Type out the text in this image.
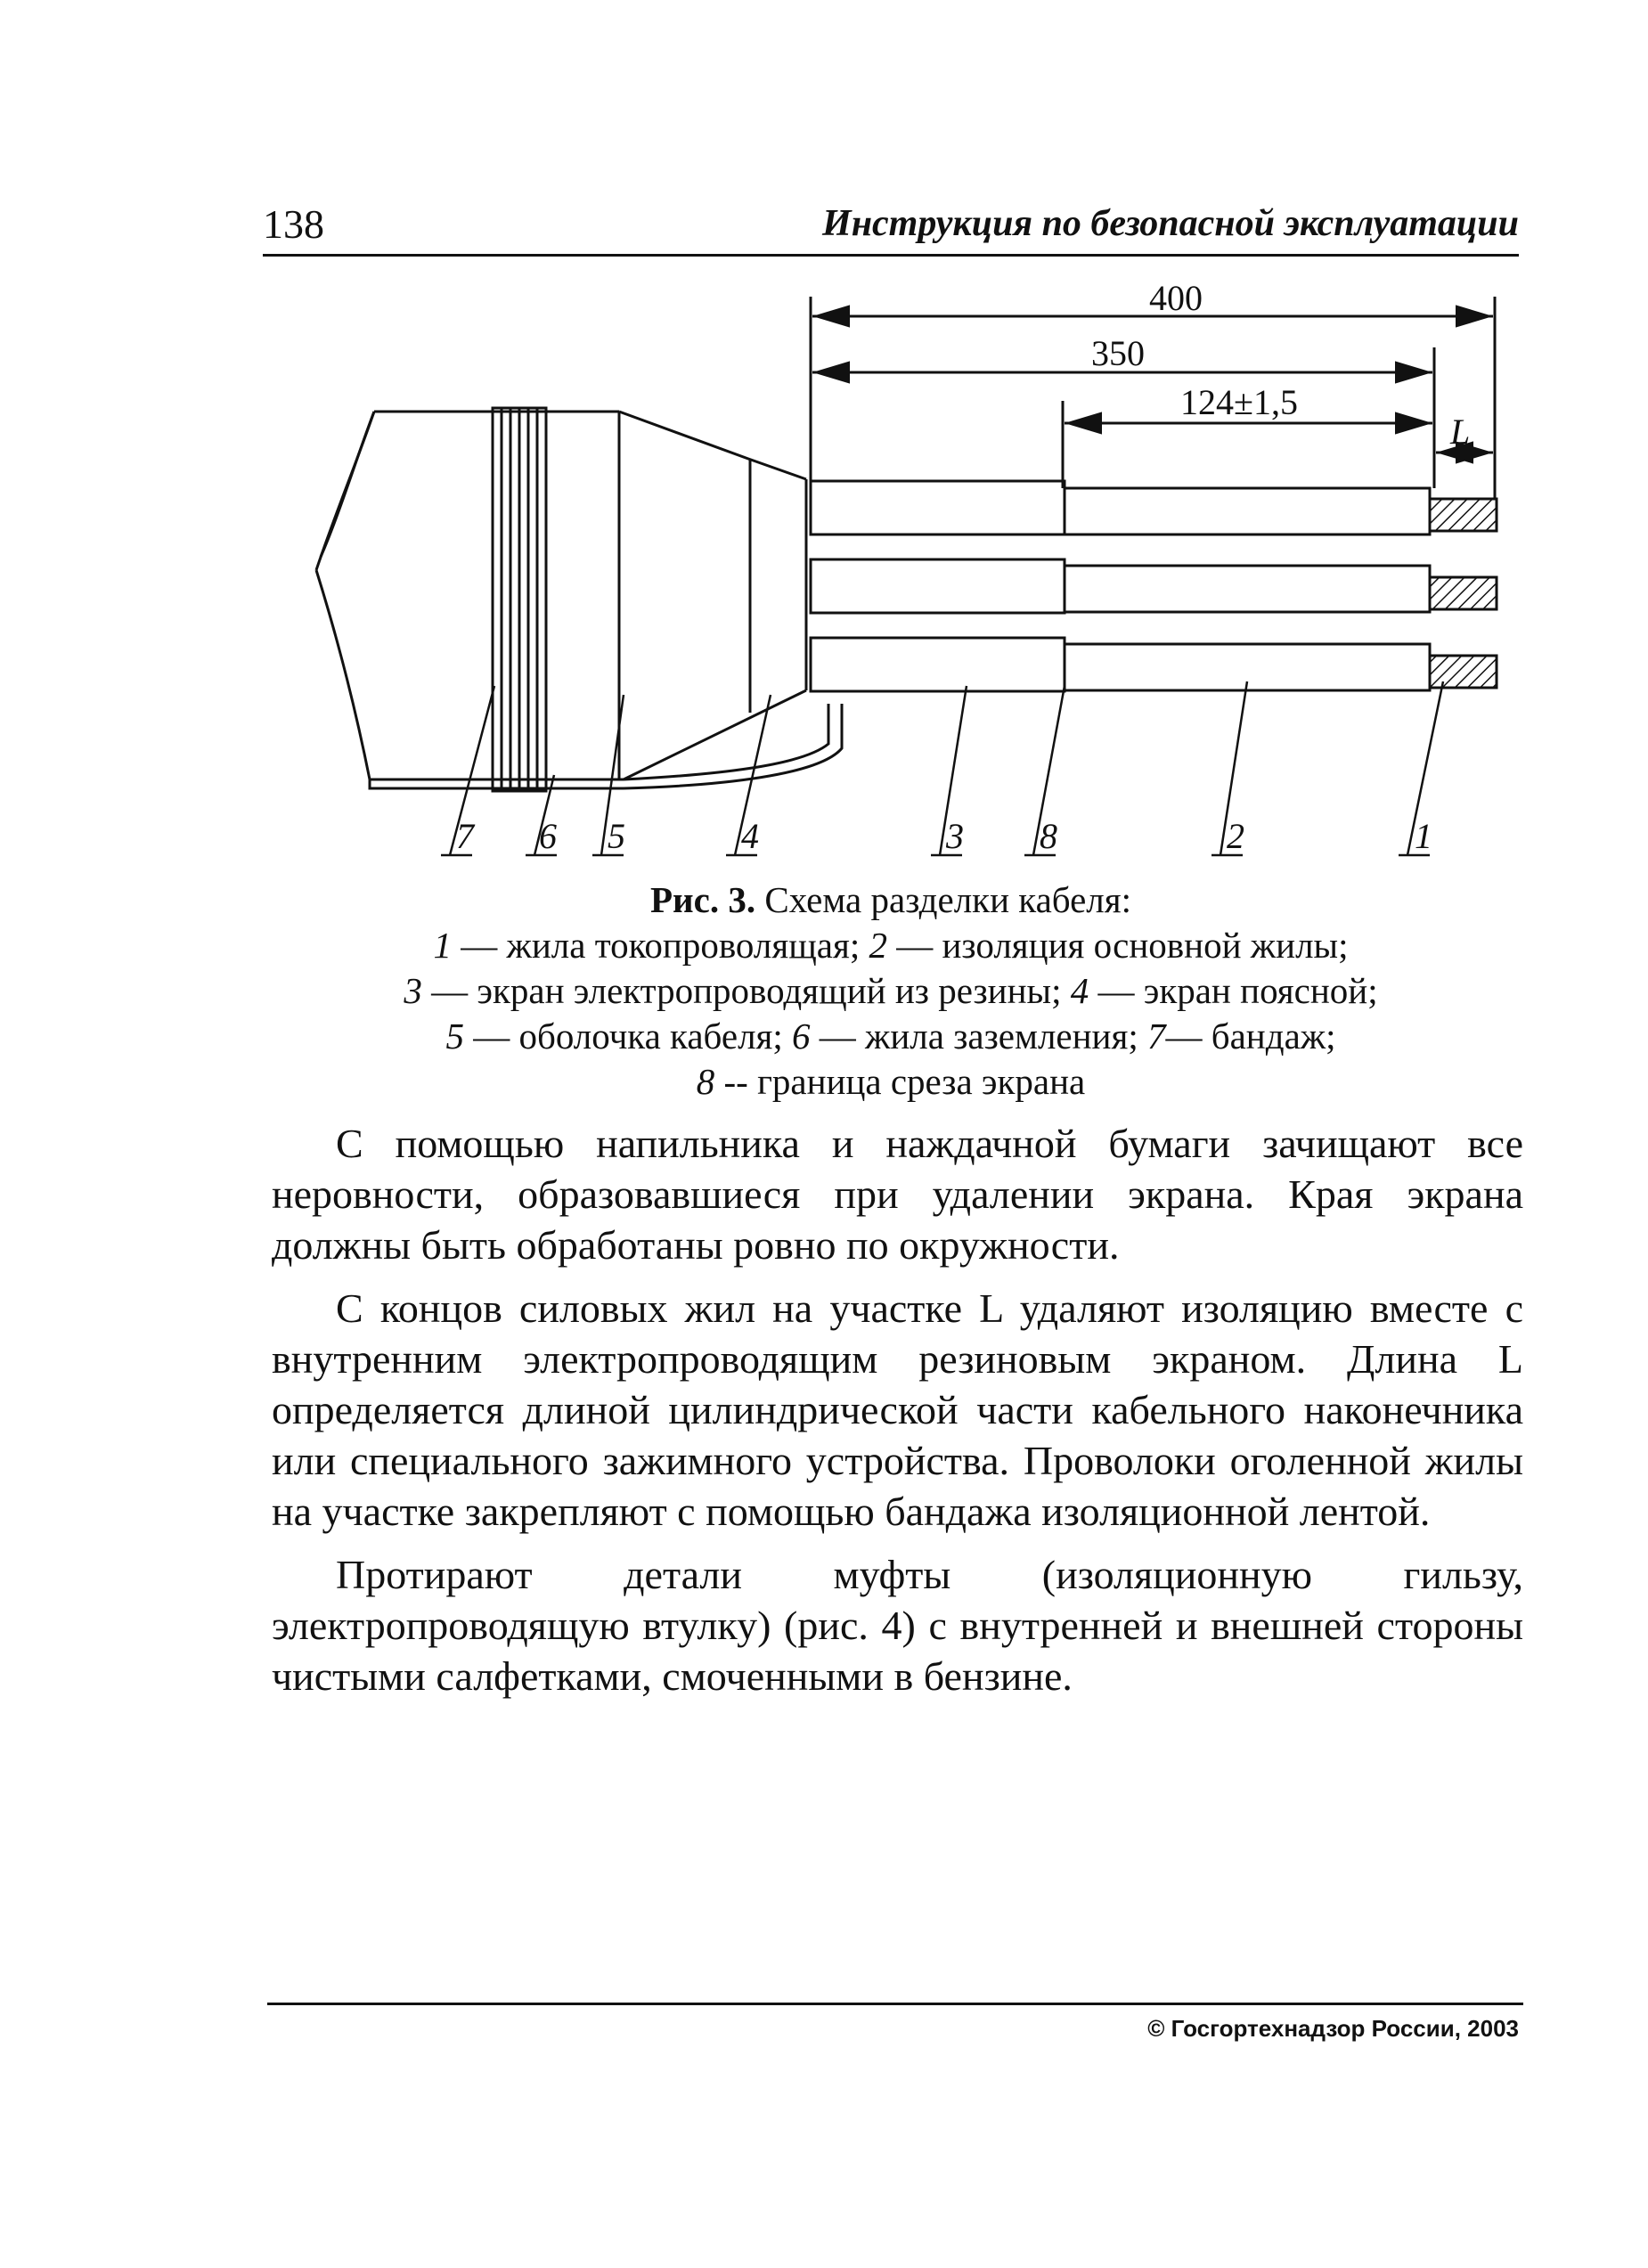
138	Инструкция по безопасной эксплуатации
400
350
124±1,5
L
7 6 5	4	3 8	2	1
Рис. 3. Схема разделки кабеля:
1 — жила токопроволящая; 2 — изоляция основной жилы;
3 — экран электропроводящий из резины; 4 — экран поясной;
5 — оболочка кабеля; 6 — жила заземления; 7— бандаж;
8 -- граница среза экрана

С помощью напильника и наждачной бумаги зачищают все неровности, образовавшиеся при удалении экрана. Края экрана должны быть обработаны ровно по окружности.

С концов силовых жил на участке L удаляют изоляцию вместе с внутренним электропроводящим резиновым экраном. Длина L определяется длиной цилиндрической части кабельного наконечника или специального зажимного устройства. Проволоки оголенной жилы на участке закрепляют с помощью бандажа изоляционной лентой.

Протирают детали муфты (изоляционную гильзу, электропроводящую втулку) (рис. 4) с внутренней и внешней стороны чистыми салфетками, смоченными в бензине.

© Госгортехнадзор России, 2003
